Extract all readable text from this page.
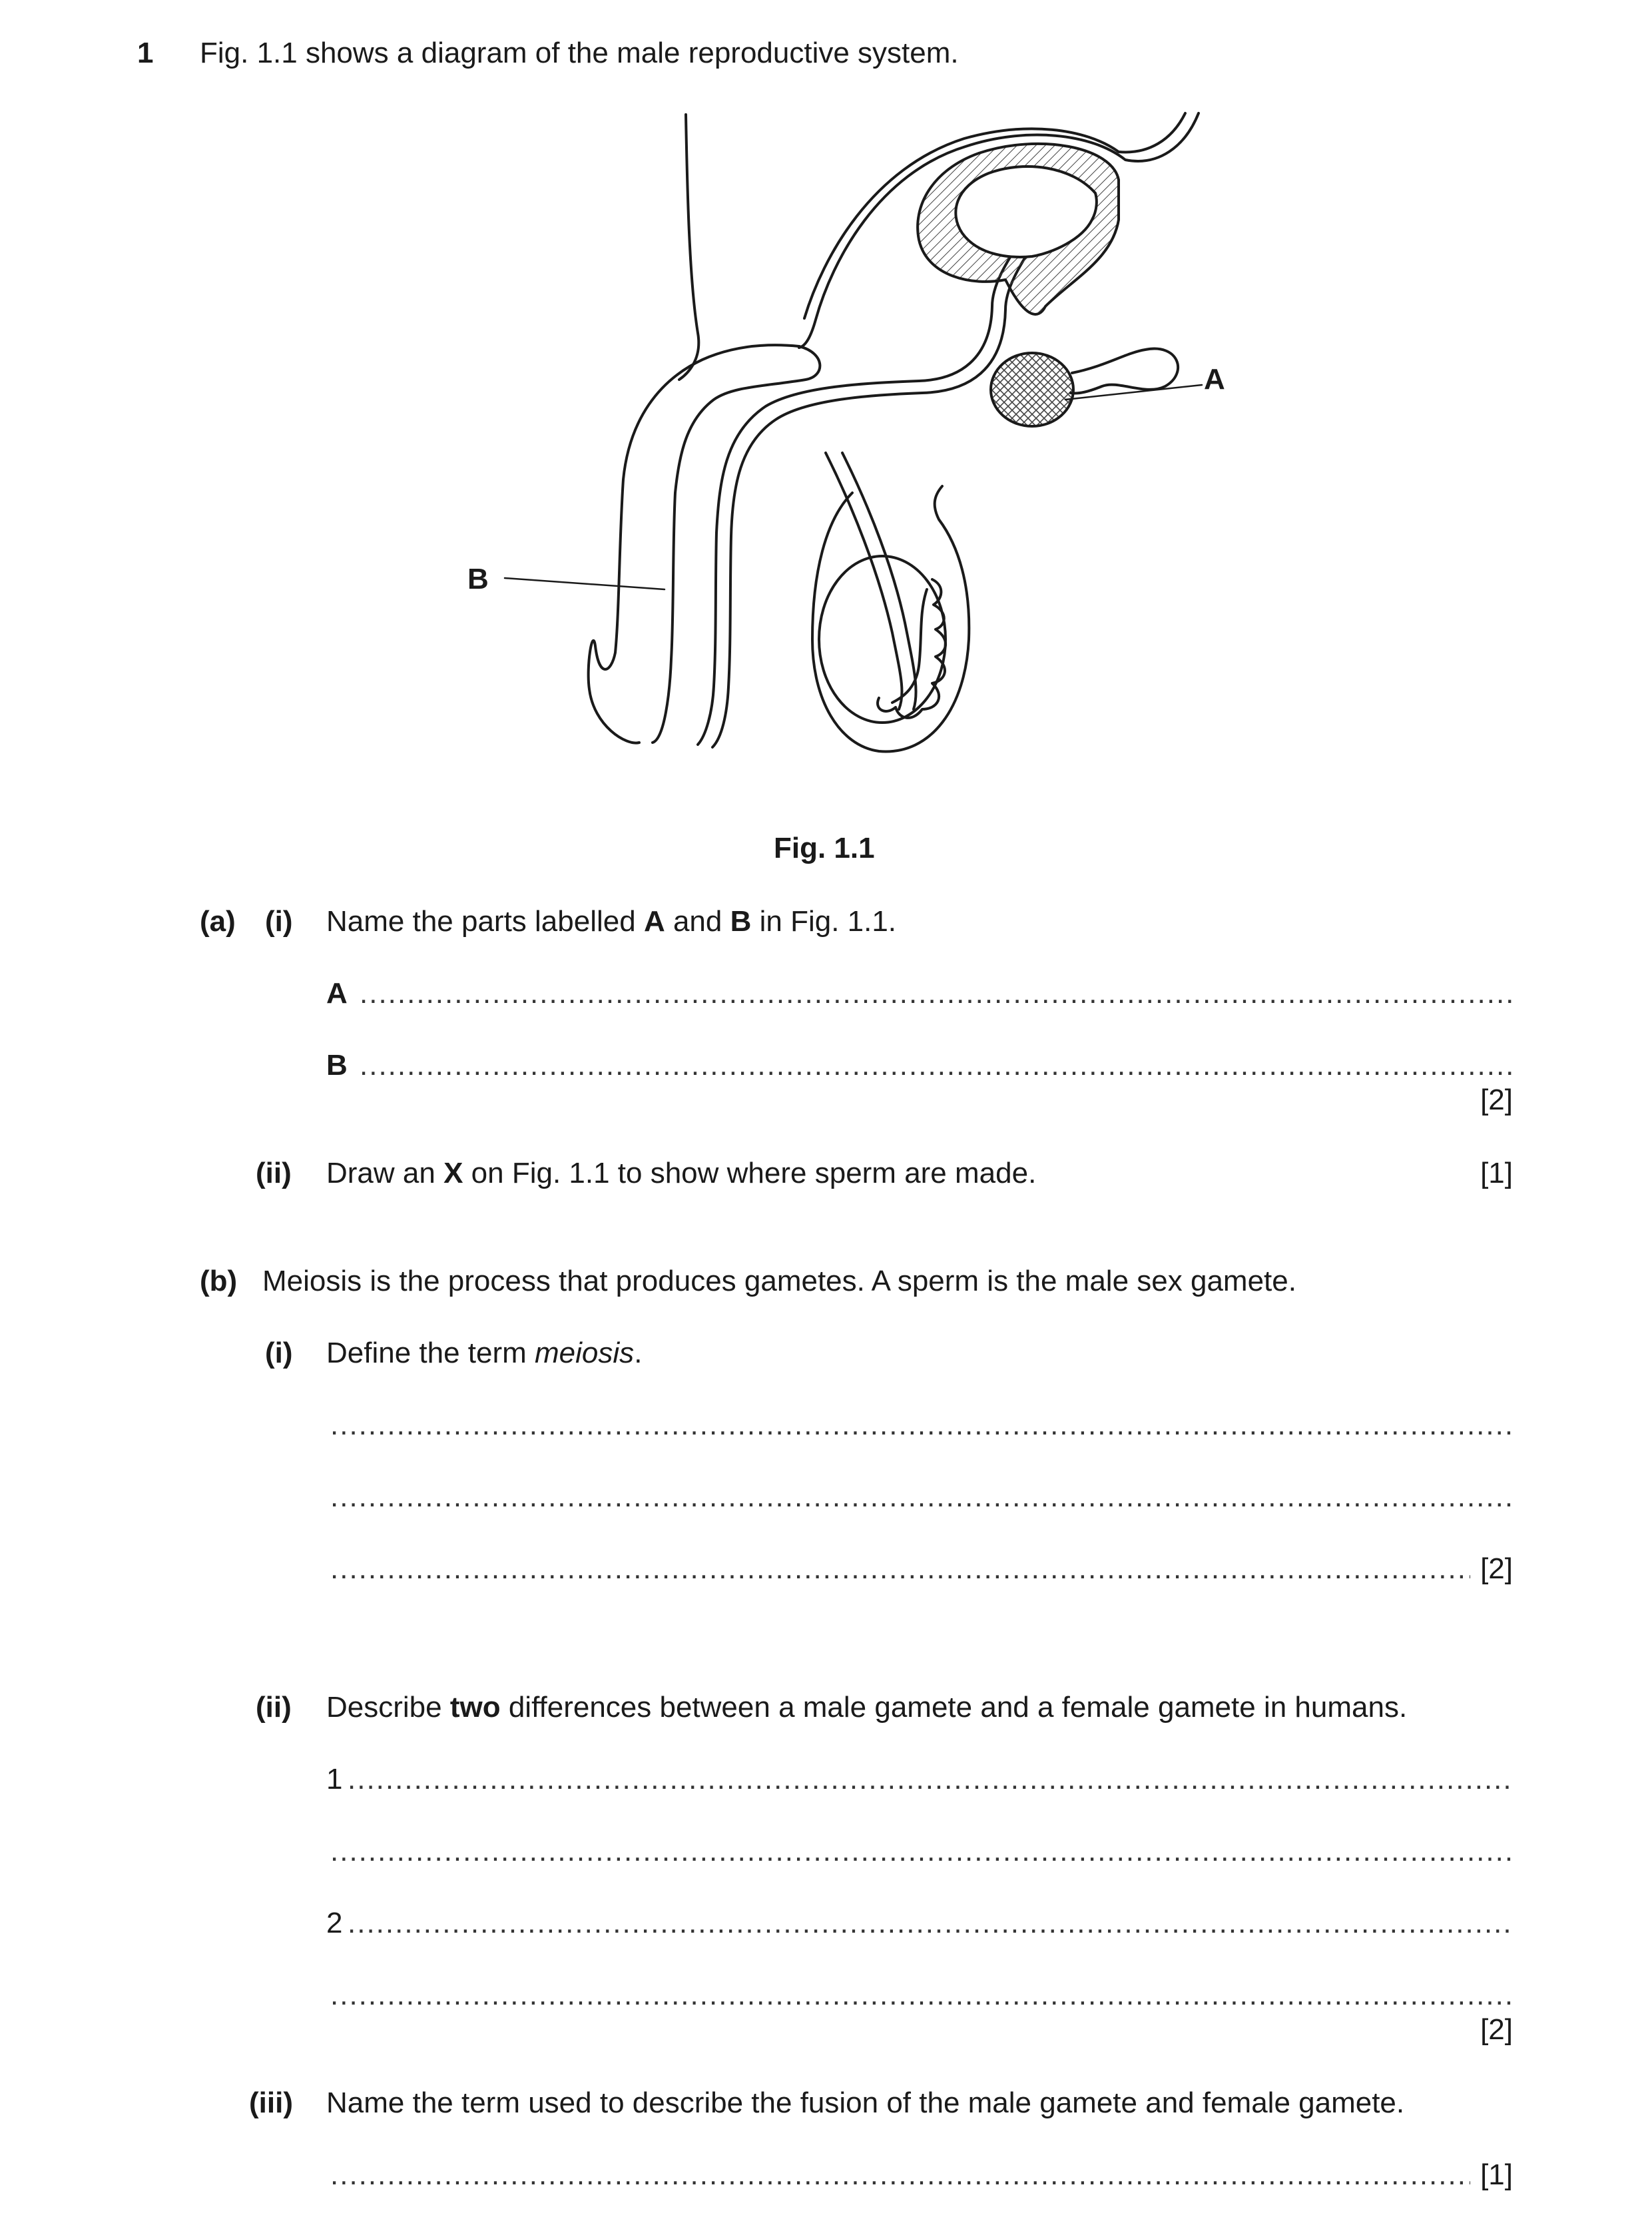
1 Fig. 1.1 shows a diagram of the male reproductive system.
A
B
Fig. 1.1
(a) (i) Name the parts labelled A and B in Fig. 1.1.
A
.....
B
.....
[2]
(ii) Draw an X on Fig. 1.1 to show where sperm are made.	[1]
(b) Meiosis is the process that produces gametes. A sperm is the male sex gamete.
(i) Define the term meiosis.
.....
.....
.....
[2]
(ii) Describe two differences between a male gamete and a female gamete in humans.
1
.....
.....
2
.....
.....
[2]
(iii) Name the term used to describe the fusion of the male gamete and female gamete.
.....
[1]
